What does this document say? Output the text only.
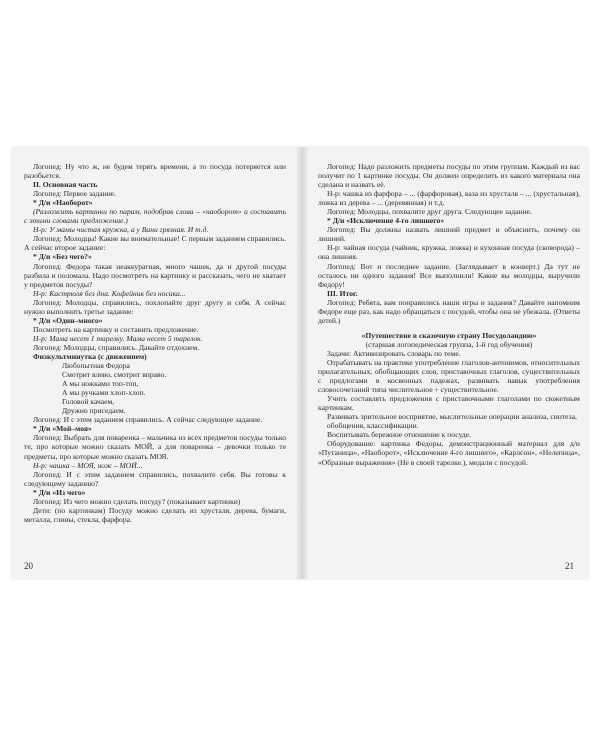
Логопед: Ну что ж, не будем терять времени, а то посуда потеряется или разобьется.

II. Основная часть

Логопед: Первое задание.

* Д/и «Наоборот»

(Разложить картинки по парам, подобрав слова – «наоборот» и составить с этими словами предложение.)

Н-р: У мамы чистая кружка, а у Вани грязная. И т.д.

Логопед: Молодцы! Какие вы внимательные! С первым заданием справились. А сейчас второе задание:

* Д/и «Без чего?»

Логопед: Федора такая неаккуратная, много чашек, да и другой посуды разбила и поломала. Надо посмотреть на картинку и рассказать, чего не хватает у предметов посуды?

Н-р: Кастрюля без дна. Кофейник без носика...

Логопед: Молодцы, справились, похлопайте друг другу и себя. А сейчас нужно выполнить третье задание:

* Д/и «Один–много»

Посмотреть на картинку и составить предложение.

Н-р: Мама несет 1 тарелку. Мама несет 5 тарелок.

Логопед: Молодцы, справились. Давайте отдохнем.

Физкультминутка (с движением)

Любопытная Федора

Смотрит влево, смотрит вправо.

А мы ножками топ-топ,

А мы ручками хлоп-хлоп.

Головой качаем,

Дружно приседаем.

Логопед: И с этим заданием справились. А сейчас следующее задание.

* Д/и «Мой–моя»

Логопед: Выбрать для поваренка – мальчика из всех предметов посуды только те, про которые можно сказать МОЙ, а для поваренка – девочки только те предметы, про которые можно сказать МОЯ.

Н-р: чашка – МОЯ, нож – МОЙ...

Логопед: И с этим заданием справились, похвалите себя. Вы готовы к следующему заданию?

* Д/и «Из чего»

Логопед: Из чего можно сделать посуду? (показывает картинки)

Дети: (по картинкам) Посуду можно сделать из хрусталя, дерева, бумаги, металла, глины, стекла, фарфора.

20

Логопед: Надо разложить предметы посуды по этим группам. Каждый из вас получит по 1 картинке посуды. Он должен определить из какого материала она сделана и назвать её.

Н-р: чашка из фарфора – ... (фарфоровая), ваза из хрусталя – ... (хрустальная), ложка из дерева – ... (деревянная) и т.д.

Логопед: Молодцы, похвалите друг друга. Следующее задание.

* Д/и «Исключение 4-го лишнего»

Логопед: Вы должны назвать лишний предмет и объяснить, почему он лишний.

Н-р: чайная посуда (чайник, кружка, ложка) и кухонная посуда (сковорода) – она лишняя.

Логопед: Вот и последнее задание. (Заглядывает в конверт.) Да тут не осталось ни одного задания! Все выполнили! Какие вы молодцы, выручили Федору!

III. Итог.

Логопед: Ребята, вам понравились наши игры и задания? Давайте напомним Федоре еще раз, как надо обращаться с посудой, чтобы она не убежала. (Ответы детей.)

«Путешествие в сказочную страну Посудоландию»

(старшая логопедическая группа, 1-й год обучения)

Задачи: Активизировать словарь по теме.

Отрабатывать на практике употребление глаголов-антонимов, относительных прилагательных, обобщающих слов, приставочных глаголов, существительных с предлогами в косвенных падежах, развивать навык употребления словосочетаний типа числительное + существительное.

Учить составлять предложения с приставочными глаголами по сюжетным картинкам.

Развивать зрительное восприятие, мыслительные операции анализа, синтеза,

обобщения, классификации.

Воспитывать бережное отношение к посуде.

Оборудование: картинка Федоры, демонстрационный материал для д/и «Путаница», «Наоборот», «Исключение 4-го лишнего», «Карлсон», «Нелепица», «Образные выражения» (Не в своей тарелке.), медали с посудой.

21
